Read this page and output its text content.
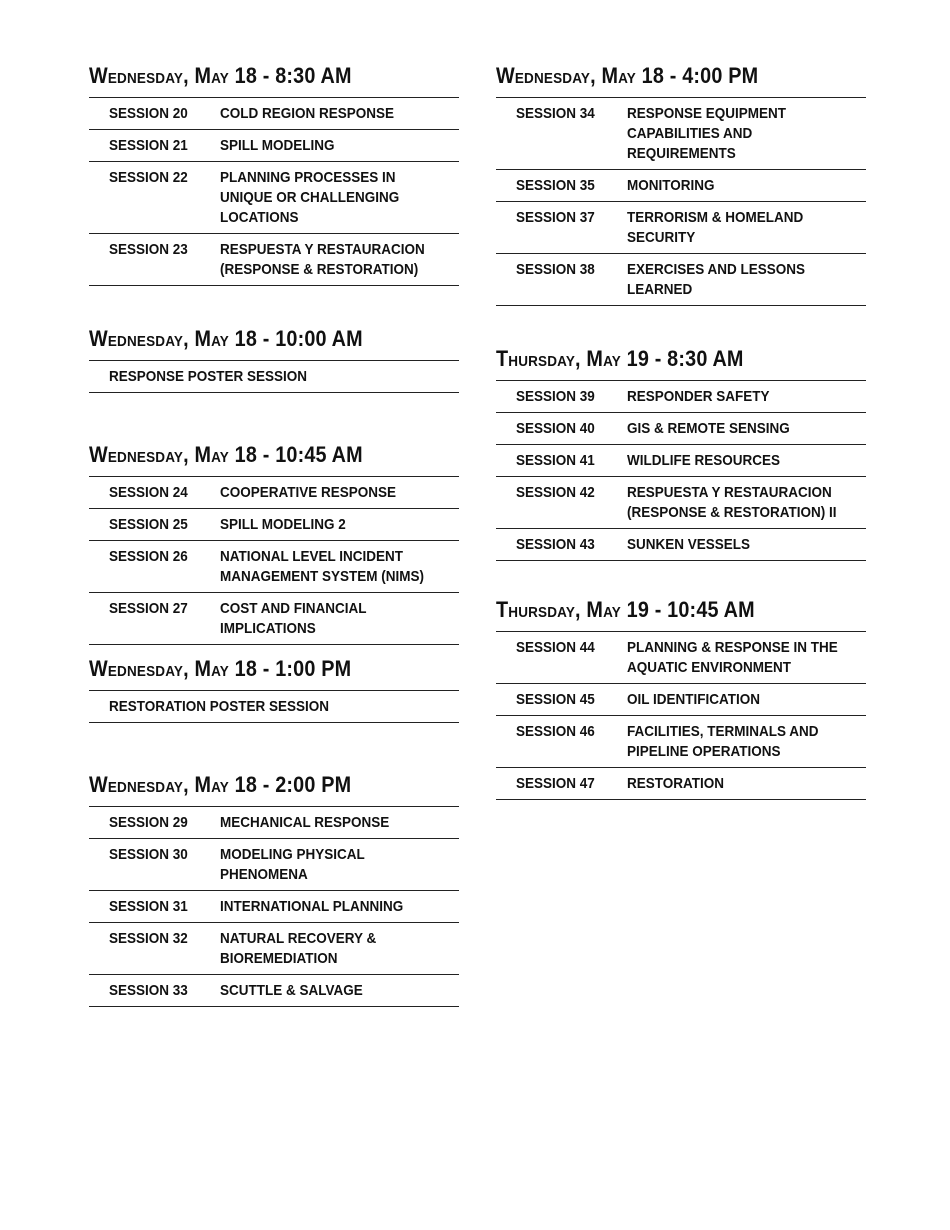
Wednesday, May 18 - 8:30 AM
SESSION 20 COLD REGION RESPONSE
SESSION 21 SPILL MODELING
SESSION 22 PLANNING PROCESSES IN UNIQUE OR CHALLENGING LOCATIONS
SESSION 23 RESPUESTA Y RESTAURACION (RESPONSE & RESTORATION)
Wednesday, May 18 - 10:00 AM
RESPONSE POSTER SESSION
Wednesday, May 18 - 10:45 AM
SESSION 24 COOPERATIVE RESPONSE
SESSION 25 SPILL MODELING 2
SESSION 26 NATIONAL LEVEL INCIDENT MANAGEMENT SYSTEM (NIMS)
SESSION 27 COST AND FINANCIAL IMPLICATIONS
Wednesday, May 18 - 1:00 PM
RESTORATION POSTER SESSION
Wednesday, May 18 - 2:00 PM
SESSION 29 MECHANICAL RESPONSE
SESSION 30 MODELING PHYSICAL PHENOMENA
SESSION 31 INTERNATIONAL PLANNING
SESSION 32 NATURAL RECOVERY & BIOREMEDIATION
SESSION 33 SCUTTLE & SALVAGE
Wednesday, May 18 - 4:00 PM
SESSION 34 RESPONSE EQUIPMENT CAPABILITIES AND REQUIREMENTS
SESSION 35 MONITORING
SESSION 37 TERRORISM & HOMELAND SECURITY
SESSION 38 EXERCISES AND LESSONS LEARNED
Thursday, May 19 - 8:30 AM
SESSION 39 RESPONDER SAFETY
SESSION 40 GIS & REMOTE SENSING
SESSION 41 WILDLIFE RESOURCES
SESSION 42 RESPUESTA Y RESTAURACION (RESPONSE & RESTORATION) II
SESSION 43 SUNKEN VESSELS
Thursday, May 19 - 10:45 AM
SESSION 44 PLANNING & RESPONSE IN THE AQUATIC ENVIRONMENT
SESSION 45 OIL IDENTIFICATION
SESSION 46 FACILITIES, TERMINALS AND PIPELINE OPERATIONS
SESSION 47 RESTORATION
